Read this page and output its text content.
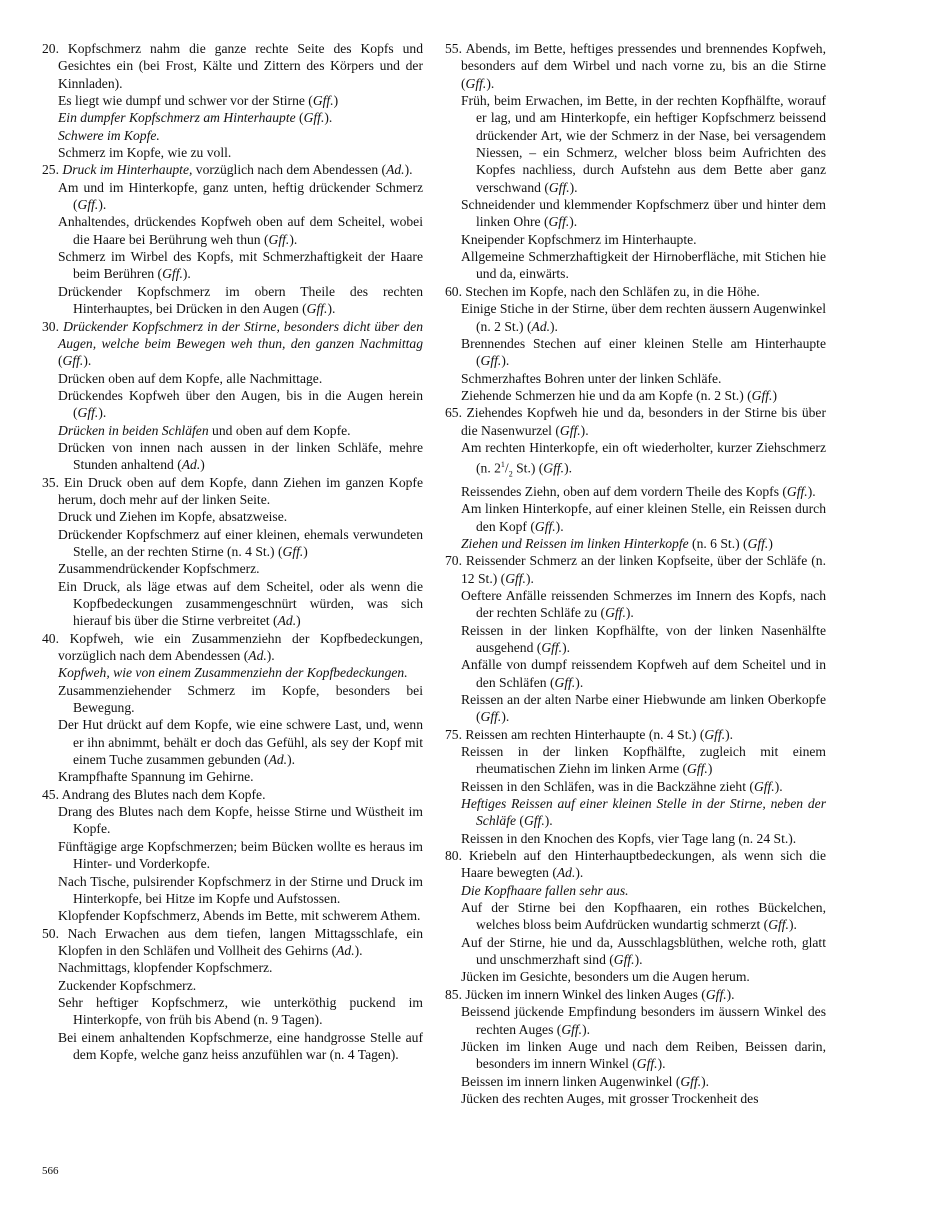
20. Kopfschmerz nahm die ganze rechte Seite des Kopfs und Gesichtes ein (bei Frost, Kälte und Zittern des Körpers und der Kinnladen).
Es liegt wie dumpf und schwer vor der Stirne (Gff.)
Ein dumpfer Kopfschmerz am Hinterhaupte (Gff.).
Schwere im Kopfe.
Schmerz im Kopfe, wie zu voll.
25. Druck im Hinterhaupte, vorzüglich nach dem Abendessen (Ad.).
Am und im Hinterkopfe, ganz unten, heftig drückender Schmerz (Gff.).
Anhaltendes, drückendes Kopfweh oben auf dem Scheitel, wobei die Haare bei Berührung weh thun (Gff.).
Schmerz im Wirbel des Kopfs, mit Schmerzhaftigkeit der Haare beim Berühren (Gff.).
Drückender Kopfschmerz im obern Theile des rechten Hinterhauptes, bei Drücken in den Augen (Gff.).
30. Drückender Kopfschmerz in der Stirne, besonders dicht über den Augen, welche beim Bewegen weh thun, den ganzen Nachmittag (Gff.).
Drücken oben auf dem Kopfe, alle Nachmittage.
Drückendes Kopfweh über den Augen, bis in die Augen herein (Gff.).
Drücken in beiden Schläfen und oben auf dem Kopfe.
Drücken von innen nach aussen in der linken Schläfe, mehre Stunden anhaltend (Ad.)
35. Ein Druck oben auf dem Kopfe, dann Ziehen im ganzen Kopfe herum, doch mehr auf der linken Seite.
Druck und Ziehen im Kopfe, absatzweise.
Drückender Kopfschmerz auf einer kleinen, ehemals verwundeten Stelle, an der rechten Stirne (n. 4 St.) (Gff.)
Zusammendrückender Kopfschmerz.
Ein Druck, als läge etwas auf dem Scheitel, oder als wenn die Kopfbedeckungen zusammengeschnürt würden, was sich hierauf bis über die Stirne verbreitet (Ad.)
40. Kopfweh, wie ein Zusammenziehn der Kopfbedeckungen, vorzüglich nach dem Abendessen (Ad.).
Kopfweh, wie von einem Zusammenziehn der Kopfbedeckungen.
Zusammenziehender Schmerz im Kopfe, besonders bei Bewegung.
Der Hut drückt auf dem Kopfe, wie eine schwere Last, und, wenn er ihn abnimmt, behält er doch das Gefühl, als sey der Kopf mit einem Tuche zusammen gebunden (Ad.).
Krampfhafte Spannung im Gehirne.
45. Andrang des Blutes nach dem Kopfe.
Drang des Blutes nach dem Kopfe, heisse Stirne und Wüstheit im Kopfe.
Fünftägige arge Kopfschmerzen; beim Bücken wollte es heraus im Hinter- und Vorderkopfe.
Nach Tische, pulsirender Kopfschmerz in der Stirne und Druck im Hinterkopfe, bei Hitze im Kopfe und Aufstossen.
Klopfender Kopfschmerz, Abends im Bette, mit schwerem Athem.
50. Nach Erwachen aus dem tiefen, langen Mittagsschlafe, ein Klopfen in den Schläfen und Vollheit des Gehirns (Ad.).
Nachmittags, klopfender Kopfschmerz.
Zuckender Kopfschmerz.
Sehr heftiger Kopfschmerz, wie unterköthig puckend im Hinterkopfe, von früh bis Abend (n. 9 Tagen).
Bei einem anhaltenden Kopfschmerze, eine handgrosse Stelle auf dem Kopfe, welche ganz heiss anzufühlen war (n. 4 Tagen).
55. Abends, im Bette, heftiges pressendes und brennendes Kopfweh, besonders auf dem Wirbel und nach vorne zu, bis an die Stirne (Gff.).
Früh, beim Erwachen, im Bette, in der rechten Kopfhälfte, worauf er lag, und am Hinterkopfe, ein heftiger Kopfschmerz beissend drückender Art, wie der Schmerz in der Nase, bei versagendem Niessen, – ein Schmerz, welcher bloss beim Aufrichten des Kopfes nachliess, durch Aufstehn aus dem Bette aber ganz verschwand (Gff.).
Schneidender und klemmender Kopfschmerz über und hinter dem linken Ohre (Gff.).
Kneipender Kopfschmerz im Hinterhaupte.
Allgemeine Schmerzhaftigkeit der Hirnoberfläche, mit Stichen hie und da, einwärts.
60. Stechen im Kopfe, nach den Schläfen zu, in die Höhe.
Einige Stiche in der Stirne, über dem rechten äussern Augenwinkel (n. 2 St.) (Ad.).
Brennendes Stechen auf einer kleinen Stelle am Hinterhaupte (Gff.).
Schmerzhaftes Bohren unter der linken Schläfe.
Ziehende Schmerzen hie und da am Kopfe (n. 2 St.) (Gff.)
65. Ziehendes Kopfweh hie und da, besonders in der Stirne bis über die Nasenwurzel (Gff.).
Am rechten Hinterkopfe, ein oft wiederholter, kurzer Ziehschmerz (n. $2^1/_2$ St.) (Gff.).
Reissendes Ziehn, oben auf dem vordern Theile des Kopfs (Gff.).
Am linken Hinterkopfe, auf einer kleinen Stelle, ein Reissen durch den Kopf (Gff.).
Ziehen und Reissen im linken Hinterkopfe (n. 6 St.) (Gff.)
70. Reissender Schmerz an der linken Kopfseite, über der Schläfe (n. 12 St.) (Gff.).
Oeftere Anfälle reissenden Schmerzes im Innern des Kopfs, nach der rechten Schläfe zu (Gff.).
Reissen in der linken Kopfhälfte, von der linken Nasenhälfte ausgehend (Gff.).
Anfälle von dumpf reissendem Kopfweh auf dem Scheitel und in den Schläfen (Gff.).
Reissen an der alten Narbe einer Hiebwunde am linken Oberkopfe (Gff.).
75. Reissen am rechten Hinterhaupte (n. 4 St.) (Gff.).
Reissen in der linken Kopfhälfte, zugleich mit einem rheumatischen Ziehn im linken Arme (Gff.)
Reissen in den Schläfen, was in die Backzähne zieht (Gff.).
Heftiges Reissen auf einer kleinen Stelle in der Stirne, neben der Schläfe (Gff.).
Reissen in den Knochen des Kopfs, vier Tage lang (n. 24 St.).
80. Kriebeln auf den Hinterhauptbedeckungen, als wenn sich die Haare bewegten (Ad.).
Die Kopfhaare fallen sehr aus.
Auf der Stirne bei den Kopfhaaren, ein rothes Bückelchen, welches bloss beim Aufdrücken wundartig schmerzt (Gff.).
Auf der Stirne, hie und da, Ausschlagsblüthen, welche roth, glatt und unschmerzhaft sind (Gff.).
Jücken im Gesichte, besonders um die Augen herum.
85. Jücken im innern Winkel des linken Auges (Gff.).
Beissend jückende Empfindung besonders im äussern Winkel des rechten Auges (Gff.).
Jücken im linken Auge und nach dem Reiben, Beissen darin, besonders im innern Winkel (Gff.).
Beissen im innern linken Augenwinkel (Gff.).
Jücken des rechten Auges, mit grosser Trockenheit des
566
